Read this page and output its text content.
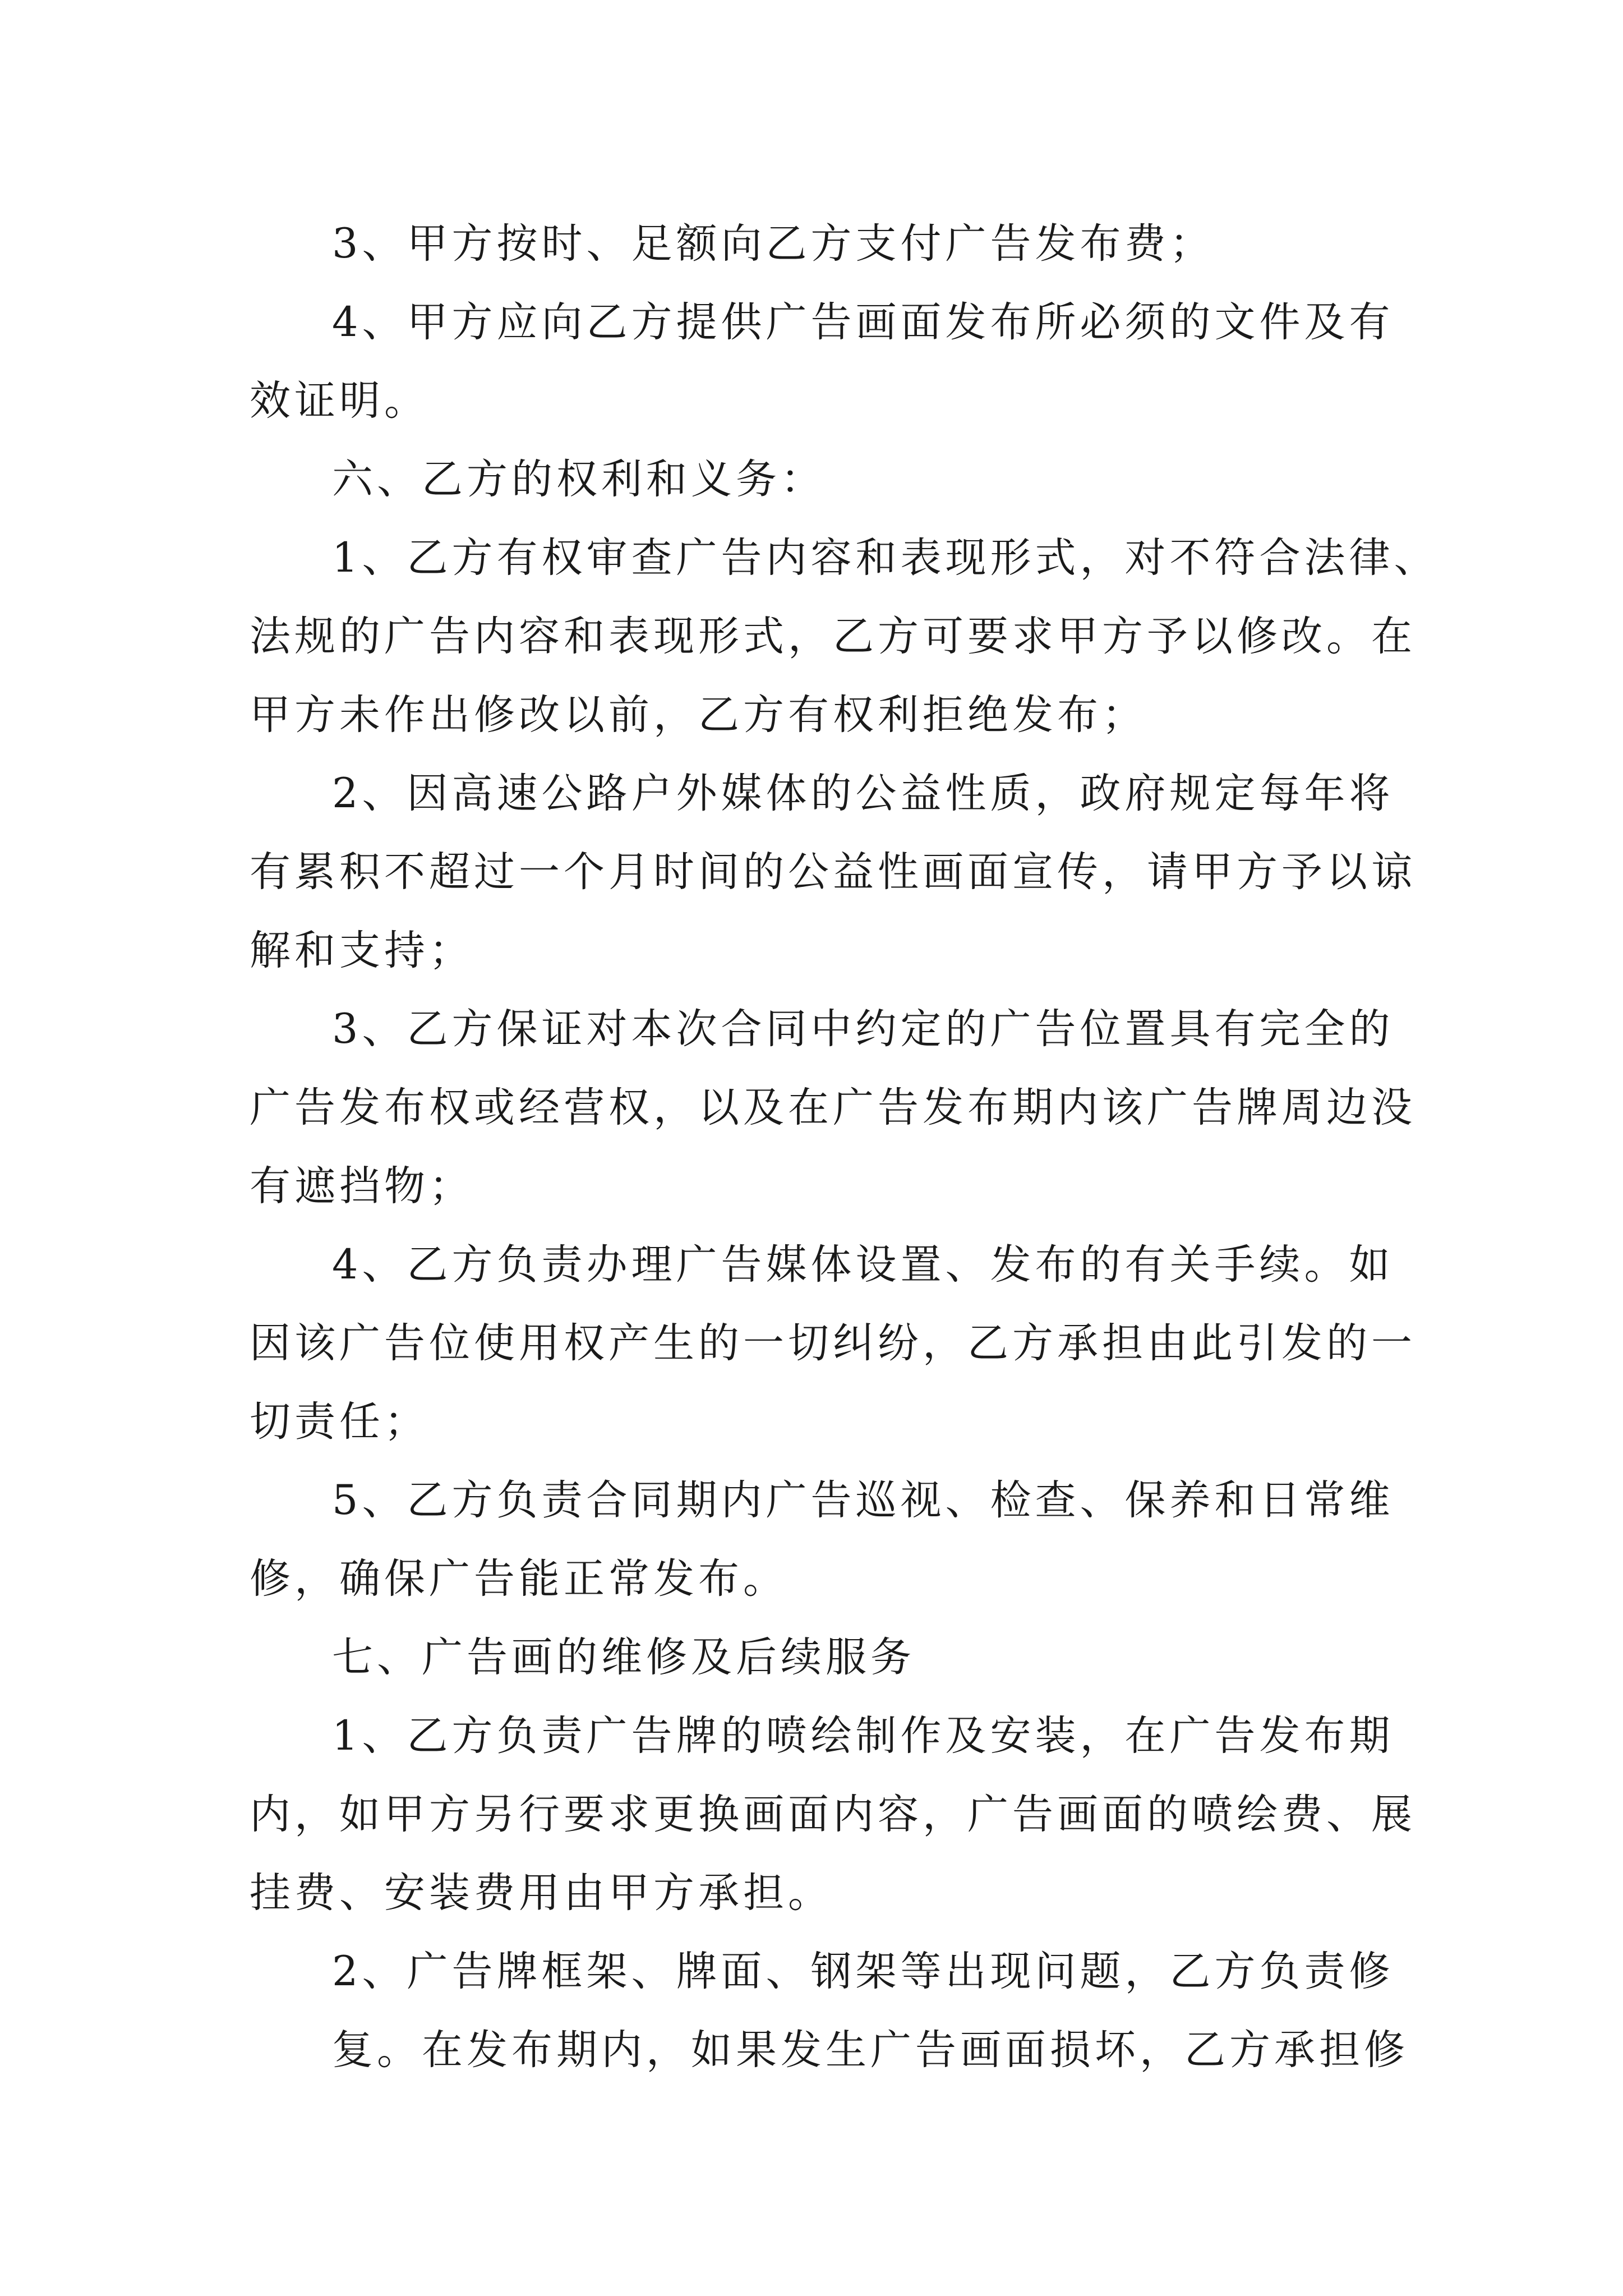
3、甲方按时、足额向乙方支付广告发布费；
4、甲方应向乙方提供广告画面发布所必须的文件及有
效证明。
六、乙方的权利和义务：
1、乙方有权审查广告内容和表现形式，对不符合法律、
法规的广告内容和表现形式，乙方可要求甲方予以修改。在
甲方未作出修改以前，乙方有权利拒绝发布；
2、因高速公路户外媒体的公益性质，政府规定每年将
有累积不超过一个月时间的公益性画面宣传，请甲方予以谅
解和支持；
3、乙方保证对本次合同中约定的广告位置具有完全的
广告发布权或经营权，以及在广告发布期内该广告牌周边没
有遮挡物；
4、乙方负责办理广告媒体设置、发布的有关手续。如
因该广告位使用权产生的一切纠纷，乙方承担由此引发的一
切责任；
5、乙方负责合同期内广告巡视、检查、保养和日常维
修，确保广告能正常发布。
七、广告画的维修及后续服务
1、乙方负责广告牌的喷绘制作及安装，在广告发布期
内，如甲方另行要求更换画面内容，广告画面的喷绘费、展
挂费、安装费用由甲方承担。
2、广告牌框架、牌面、钢架等出现问题，乙方负责修
复。在发布期内，如果发生广告画面损坏，乙方承担修
